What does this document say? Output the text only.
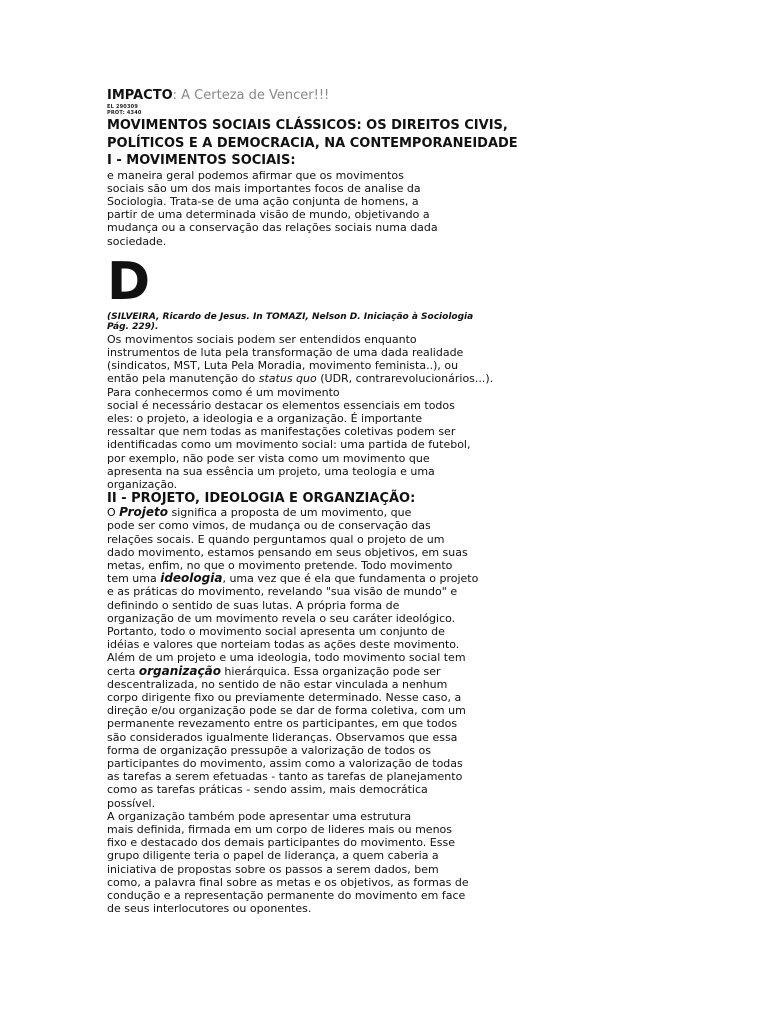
IMPACTO: A Certeza de Vencer!!!
EL 290309
PROT: 4340
MOVIMENTOS SOCIAIS CLÁSSICOS: OS DIREITOS CIVIS,
POLÍTICOS E A DEMOCRACIA, NA CONTEMPORANEIDADE
I - MOVIMENTOS SOCIAIS:
e maneira geral podemos afirmar que os movimentos
sociais são um dos mais importantes focos de analise da
Sociologia. Trata-se de uma ação conjunta de homens, a
partir de uma determinada visão de mundo, objetivando a
mudança ou a conservação das relações sociais numa dada
sociedade.
D
(SILVEIRA, Ricardo de Jesus. In TOMAZI, Nelson D. Iniciação à Sociologia
Pág. 229).
Os movimentos sociais podem ser entendidos enquanto
instrumentos de luta pela transformação de uma dada realidade
(sindicatos, MST, Luta Pela Moradia, movimento feminista..), ou
então pela manutenção do status quo (UDR, contrarevolucionários...).
Para conhecermos como é um movimento
social é necessário destacar os elementos essenciais em todos
eles: o projeto, a ideologia e a organização. É importante
ressaltar que nem todas as manifestações coletivas podem ser
identificadas como um movimento social: uma partida de futebol,
por exemplo, não pode ser vista como um movimento que
apresenta na sua essência um projeto, uma teologia e uma
organização.
II - PROJETO, IDEOLOGIA E ORGANZIAÇÃO:
O Projeto significa a proposta de um movimento, que
pode ser como vimos, de mudança ou de conservação das
relações socais. E quando perguntamos qual o projeto de um
dado movimento, estamos pensando em seus objetivos, em suas
metas, enfim, no que o movimento pretende. Todo movimento
tem uma ideologia, uma vez que é ela que fundamenta o projeto
e as práticas do movimento, revelando "sua visão de mundo" e
definindo o sentido de suas lutas. A própria forma de
organização de um movimento revela o seu caráter ideológico.
Portanto, todo o movimento social apresenta um conjunto de
idéias e valores que norteiam todas as ações deste movimento.
Além de um projeto e uma ideologia, todo movimento social tem
certa organização hierárquica. Essa organização pode ser
descentralizada, no sentido de não estar vinculada a nenhum
corpo dirigente fixo ou previamente determinado. Nesse caso, a
direção e/ou organização pode se dar de forma coletiva, com um
permanente revezamento entre os participantes, em que todos
são considerados igualmente lideranças. Observamos que essa
forma de organização pressupõe a valorização de todos os
participantes do movimento, assim como a valorização de todas
as tarefas a serem efetuadas - tanto as tarefas de planejamento
como as tarefas práticas - sendo assim, mais democrática
possível.
A organização também pode apresentar uma estrutura
mais definida, firmada em um corpo de lideres mais ou menos
fixo e destacado dos demais participantes do movimento. Esse
grupo diligente teria o papel de liderança, a quem caberia a
iniciativa de propostas sobre os passos a serem dados, bem
como, a palavra final sobre as metas e os objetivos, as formas de
condução e a representação permanente do movimento em face
de seus interlocutores ou oponentes.
